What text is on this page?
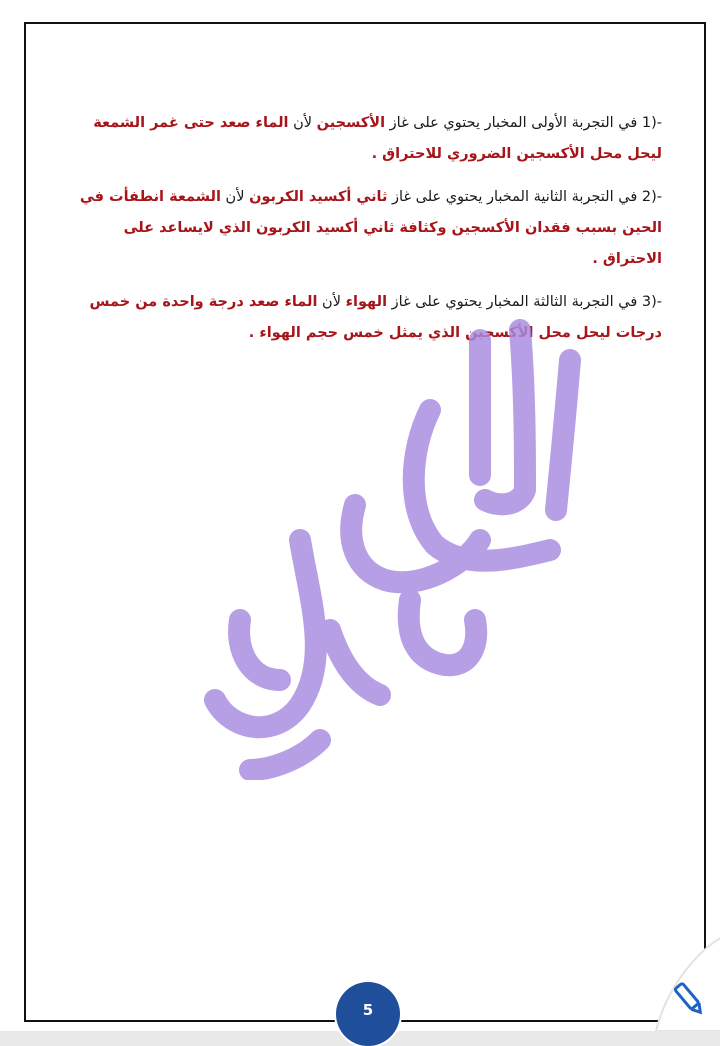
1)- في التجربة الأولى المخبار يحتوي على غاز الأكسجين لأن الماء صعد حتى غمر الشمعة ليحل محل الأكسجين الضروري للاحتراق .

2)- في التجربة الثانية المخبار يحتوي على غاز ثاني أكسيد الكربون لأن الشمعة انطفأت في الحين بسبب فقدان الأكسجين وكثافة ثاني أكسيد الكربون الذي لايساعد على الاحتراق .

3)- في التجربة الثالثة المخبار يحتوي على غاز الهواء لأن الماء صعد درجة واحدة من خمس درجات ليحل محل الأكسجين الذي يمثل خمس حجم الهواء .

5
